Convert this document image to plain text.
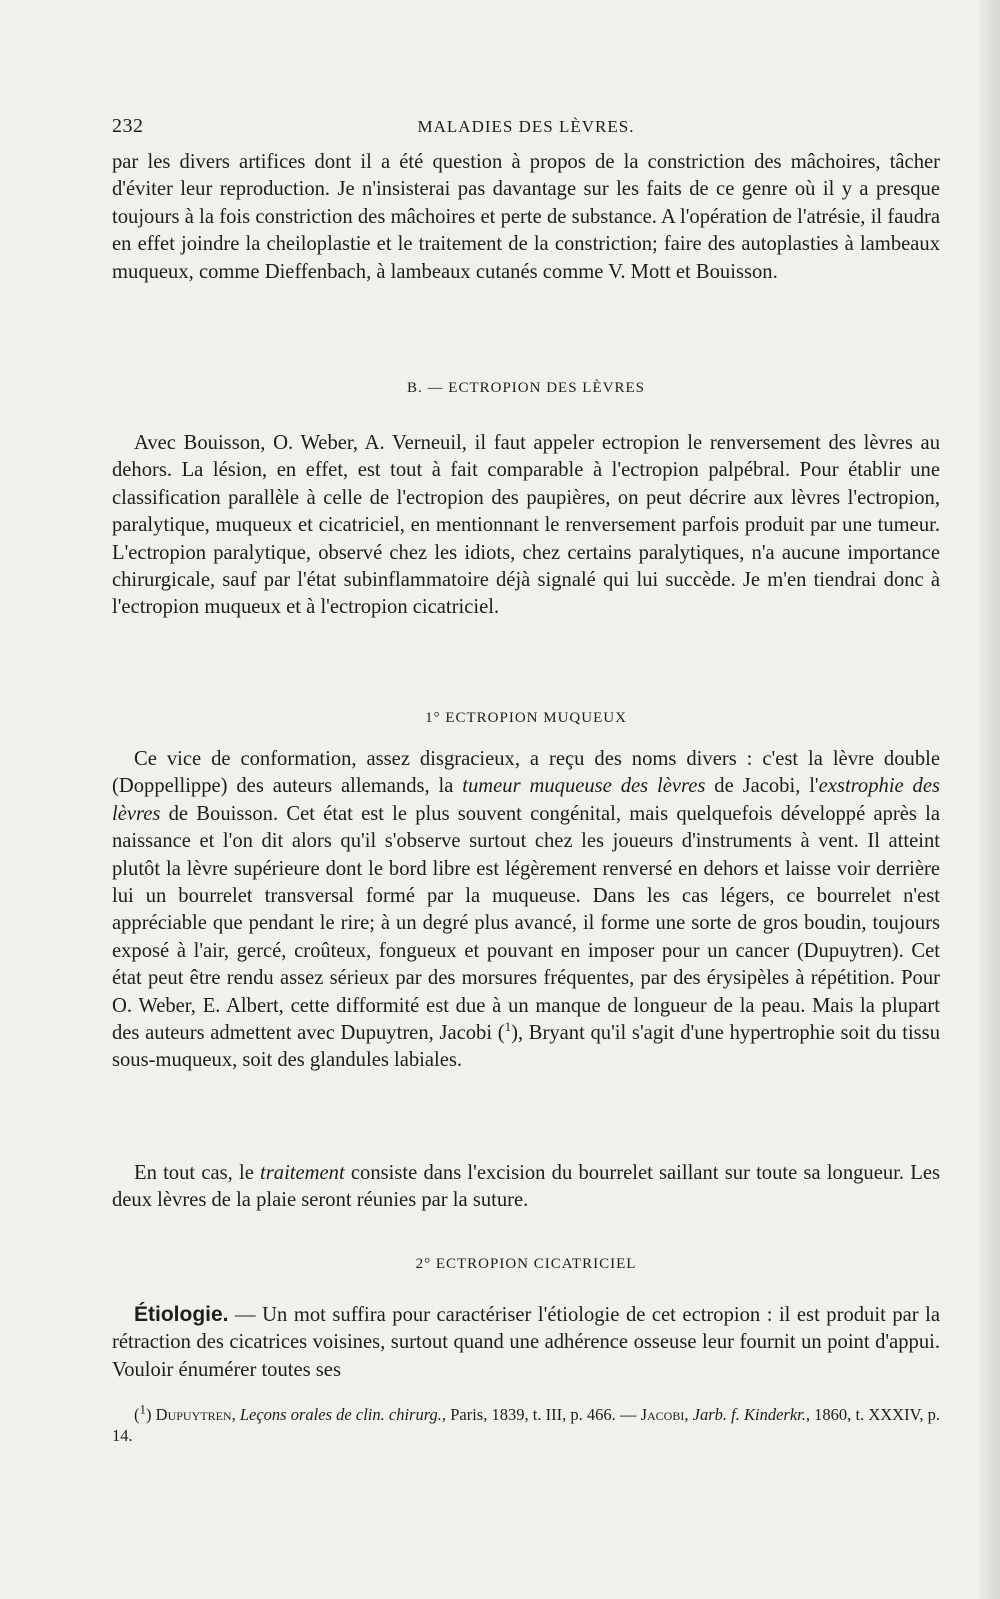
232	MALADIES DES LÈVRES.

par les divers artifices dont il a été question à propos de la constriction des mâchoires, tâcher d'éviter leur reproduction. Je n'insisterai pas davantage sur les faits de ce genre où il y a presque toujours à la fois constriction des mâchoires et perte de substance. A l'opération de l'atrésie, il faudra en effet joindre la cheiloplastie et le traitement de la constriction; faire des autoplasties à lambeaux muqueux, comme Dieffenbach, à lambeaux cutanés comme V. Mott et Bouisson.

B. — ECTROPION DES LÈVRES

Avec Bouisson, O. Weber, A. Verneuil, il faut appeler ectropion le renversement des lèvres au dehors. La lésion, en effet, est tout à fait comparable à l'ectropion palpébral. Pour établir une classification parallèle à celle de l'ectropion des paupières, on peut décrire aux lèvres l'ectropion, paralytique, muqueux et cicatriciel, en mentionnant le renversement parfois produit par une tumeur. L'ectropion paralytique, observé chez les idiots, chez certains paralytiques, n'a aucune importance chirurgicale, sauf par l'état subinflammatoire déjà signalé qui lui succède. Je m'en tiendrai donc à l'ectropion muqueux et à l'ectropion cicatriciel.

1° ECTROPION MUQUEUX

Ce vice de conformation, assez disgracieux, a reçu des noms divers : c'est la lèvre double (Doppellippe) des auteurs allemands, la tumeur muqueuse des lèvres de Jacobi, l'exstrophie des lèvres de Bouisson. Cet état est le plus souvent congénital, mais quelquefois développé après la naissance et l'on dit alors qu'il s'observe surtout chez les joueurs d'instruments à vent. Il atteint plutôt la lèvre supérieure dont le bord libre est légèrement renversé en dehors et laisse voir derrière lui un bourrelet transversal formé par la muqueuse. Dans les cas légers, ce bourrelet n'est appréciable que pendant le rire; à un degré plus avancé, il forme une sorte de gros boudin, toujours exposé à l'air, gercé, croûteux, fongueux et pouvant en imposer pour un cancer (Dupuytren). Cet état peut être rendu assez sérieux par des morsures fréquentes, par des érysipèles à répétition. Pour O. Weber, E. Albert, cette difformité est due à un manque de longueur de la peau. Mais la plupart des auteurs admettent avec Dupuytren, Jacobi ($^1$), Bryant qu'il s'agit d'une hypertrophie soit du tissu sous-muqueux, soit des glandules labiales.

En tout cas, le traitement consiste dans l'excision du bourrelet saillant sur toute sa longueur. Les deux lèvres de la plaie seront réunies par la suture.

2° ECTROPION CICATRICIEL

Étiologie. — Un mot suffira pour caractériser l'étiologie de cet ectropion : il est produit par la rétraction des cicatrices voisines, surtout quand une adhérence osseuse leur fournit un point d'appui. Vouloir énumérer toutes ses

($^1$) Dupuytren, Leçons orales de clin. chirurg., Paris, 1839, t. III, p. 466. — Jacobi, Jarb. f. Kinderkr., 1860, t. XXXIV, p. 14.
